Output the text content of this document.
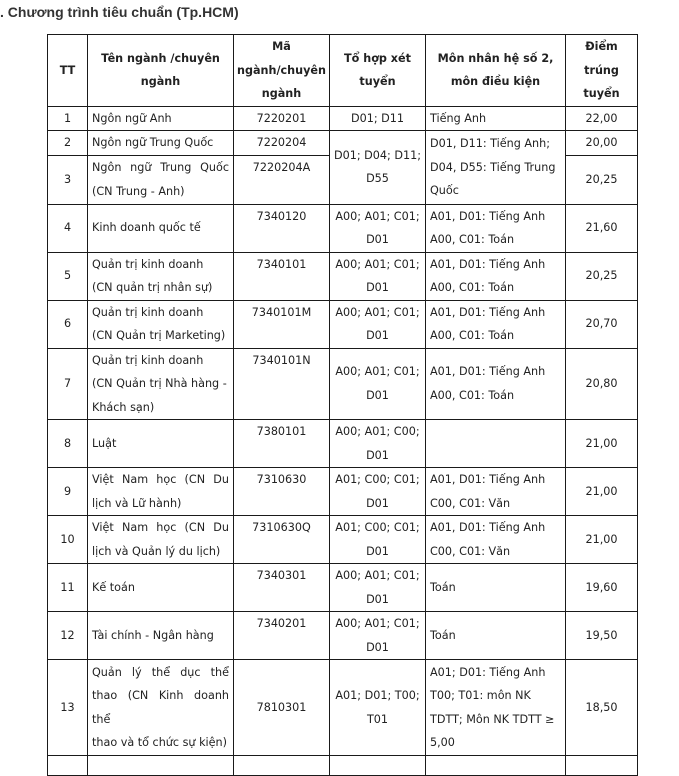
. Chương trình tiêu chuẩn (Tp.HCM)
TT	Tên ngành /chuyên
ngành	Mã
ngành/chuyên
ngành	Tổ hợp xét
tuyển	Môn nhân hệ số 2,
môn điều kiện	Điểm
trúng
tuyển

1	Ngôn ngữ Anh	7220201	D01; D11	Tiếng Anh	22,00
2	Ngôn ngữ Trung Quốc	7220204	D01; D04; D11;
D55	D01, D11: Tiếng Anh;
D04, D55: Tiếng Trung
Quốc	20,00
3	Ngôn ngữ Trung Quốc
(CN Trung - Anh)	7220204A			20,25
4	Kinh doanh quốc tế	7340120	A00; A01; C01;
D01	A01, D01: Tiếng Anh
A00, C01: Toán	21,60
5	Quản trị kinh doanh
(CN quản trị nhân sự)	7340101	A00; A01; C01;
D01	A01, D01: Tiếng Anh
A00, C01: Toán	20,25
6	Quản trị kinh doanh
(CN Quản trị Marketing)	7340101M	A00; A01; C01;
D01	A01, D01: Tiếng Anh
A00, C01: Toán	20,70
7	Quản trị kinh doanh
(CN Quản trị Nhà hàng -
Khách sạn)	7340101N	A00; A01; C01;
D01	A01, D01: Tiếng Anh
A00, C01: Toán	20,80
8	Luật	7380101	A00; A01; C00;
D01		21,00
9	Việt Nam học (CN Du
lịch và Lữ hành)	7310630	A01; C00; C01;
D01	A01, D01: Tiếng Anh
C00, C01: Văn	21,00
10	Việt Nam học (CN Du
lịch và Quản lý du lịch)	7310630Q	A01; C00; C01;
D01	A01, D01: Tiếng Anh
C00, C01: Văn	21,00
11	Kế toán	7340301	A00; A01; C01;
D01	Toán	19,60
12	Tài chính - Ngân hàng	7340201	A00; A01; C01;
D01	Toán	19,50
13	Quản lý thể dục thể
thao (CN Kinh doanh thể
thao và tổ chức sự kiện)	7810301	A01; D01; T00;
T01	A01; D01: Tiếng Anh
T00; T01: môn NK
TDTT; Môn NK TDTT ≥
5,00	18,50
